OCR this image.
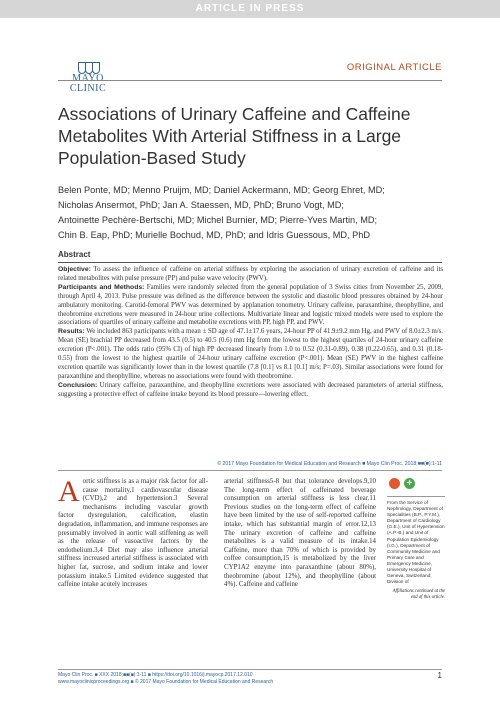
ARTICLE IN PRESS
MAYO
CLINIC
ORIGINAL ARTICLE
Associations of Urinary Caffeine and Caffeine Metabolites With Arterial Stiffness in a Large Population-Based Study
Belen Ponte, MD; Menno Pruijm, MD; Daniel Ackermann, MD; Georg Ehret, MD;
Nicholas Ansermot, PhD; Jan A. Staessen, MD, PhD; Bruno Vogt, MD;
Antoinette Pechère-Bertschi, MD; Michel Burnier, MD; Pierre-Yves Martin, MD;
Chin B. Eap, PhD; Murielle Bochud, MD, PhD; and Idris Guessous, MD, PhD
Abstract

Objective: To assess the influence of caffeine on arterial stiffness by exploring the association of urinary excretion of caffeine and its related metabolites with pulse pressure (PP) and pulse wave velocity (PWV).

Participants and Methods: Families were randomly selected from the general population of 3 Swiss cities from November 25, 2009, through April 4, 2013. Pulse pressure was defined as the difference between the systolic and diastolic blood pressures obtained by 24-hour ambulatory monitoring. Carotid-femoral PWV was determined by applanation tonometry. Urinary caffeine, paraxanthine, theophylline, and theobromine excretions were measured in 24-hour urine collections. Multivariate linear and logistic mixed models were used to explore the associations of quartiles of urinary caffeine and metabolite excretions with PP, high PP, and PWV.

Results: We included 863 participants with a mean ± SD age of 47.1±17.6 years, 24-hour PP of 41.9±9.2 mm Hg, and PWV of 8.0±2.3 m/s. Mean (SE) brachial PP decreased from 43.5 (0.5) to 40.5 (0.6) mm Hg from the lowest to the highest quartiles of 24-hour urinary caffeine excretion (P<.001). The odds ratio (95% CI) of high PP decreased linearly from 1.0 to 0.52 (0.31-0.89), 0.38 (0.22-0.65), and 0.31 (0.18-0.55) from the lowest to the highest quartile of 24-hour urinary caffeine excretion (P<.001). Mean (SE) PWV in the highest caffeine excretion quartile was significantly lower than in the lowest quartile (7.8 [0.1] vs 8.1 [0.1] m/s; P=.03). Similar associations were found for paraxanthine and theophylline, whereas no associations were found with theobromine.

Conclusion: Urinary caffeine, paraxanthine, and theophylline excretions were associated with decreased parameters of arterial stiffness, suggesting a protective effect of caffeine intake beyond its blood pressure—lowering effect.

© 2017 Mayo Foundation for Medical Education and Research ■ Mayo Clin Proc. 2018;■■(■):1-11
A ortic stiffness is as a major risk factor for all-cause mortality,1 cardiovascular disease (CVD),2 and hypertension.3 Several mechanisms including vascular growth factor dysregulation, calcification, elastin degradation, inflammation, and immune responses are presumably involved in aortic wall stiffening as well as the release of vasoactive factors by the endothelium.3,4 Diet may also influence arterial stiffness increased arterial stiffness is associated with higher fat, sucrose, and sodium intake and lower potassium intake.5 Limited evidence suggested that caffeine intake acutely increases

arterial stiffness5-8 but that tolerance develops.9,10 The long-term effect of caffeinated beverage consumption on arterial stiffness is less clear.11 Previous studies on the long-term effect of caffeine have been limited by the use of self-reported caffeine intake, which has substantial margin of error.12,13 The urinary excretion of caffeine and caffeine metabolites is a valid measure of its intake.14 Caffeine, more than 70% of which is provided by coffee consumption,15 is metabolized by the liver CYP1A2 enzyme into paraxanthine (about 80%), theobromine (about 12%), and theophylline (about 4%). Caffeine and caffeine

+
From the Service of Nephrology, Department of Specialities (B.P., P.Y.M.), Department of Cardiology (G.E.), Unit of Hypertension (A.P.-B.) and Unit of Population Epidemiology (I.G.), Department of Community Medicine and Primary Care and Emergency Medicine, University Hospital of Geneva, Switzerland; Division of
Affiliations continued at the end of this article.
Mayo Clin Proc. ■ XXX 2018;■■(■):1-11 ■ https://doi.org/10.1016/j.mayocp.2017.12.010
www.mayoclinicproceedings.org ■ © 2017 Mayo Foundation for Medical Education and Research
1
